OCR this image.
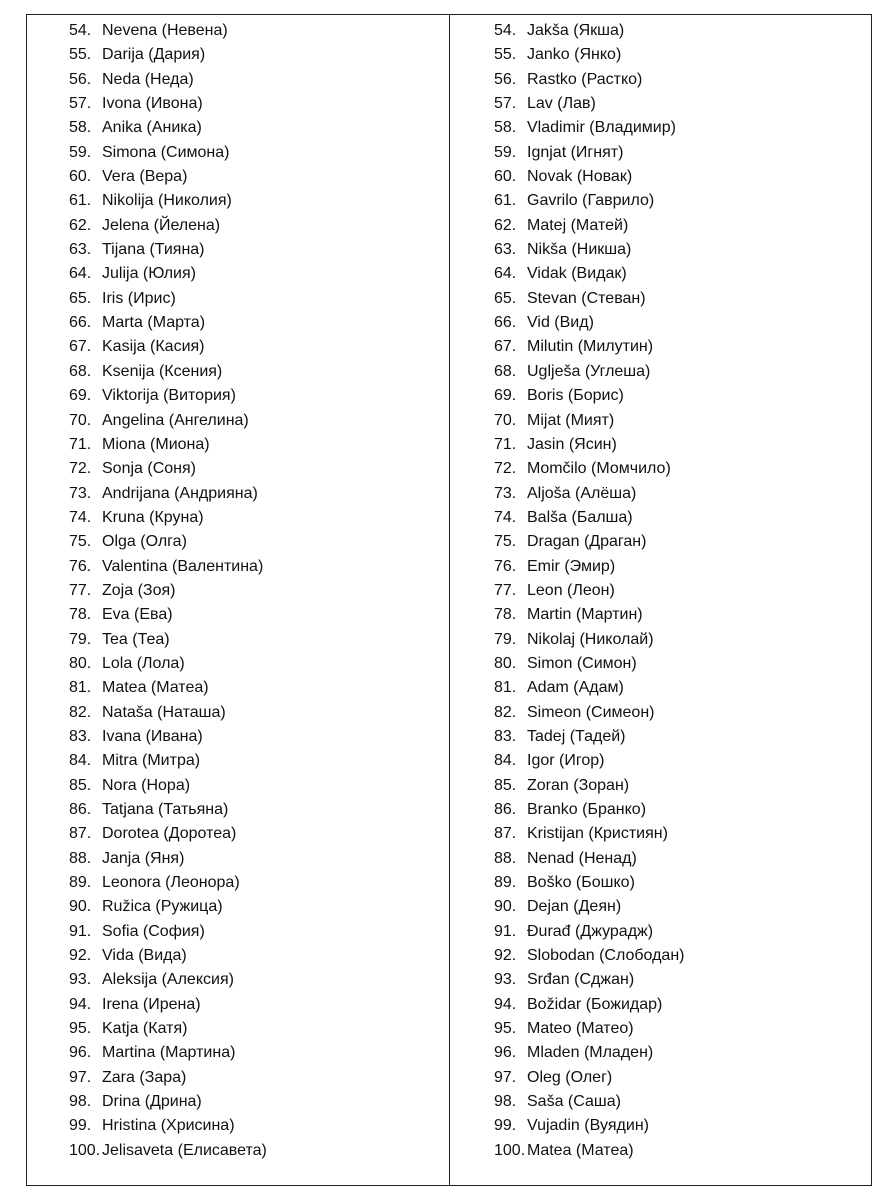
54. Nevena (Невена)
55. Darija (Дария)
56. Neda (Неда)
57. Ivona (Ивона)
58. Anika (Аника)
59. Simona (Симона)
60. Vera (Вера)
61. Nikolija (Николия)
62. Jelena (Йелена)
63. Tijana (Тияна)
64. Julija (Юлия)
65. Iris (Ирис)
66. Marta (Марта)
67. Kasija (Касия)
68. Ksenija (Ксения)
69. Viktorija (Витория)
70. Angelina (Ангелина)
71. Miona (Миона)
72. Sonja (Соня)
73. Andrijana (Андрияна)
74. Kruna (Круна)
75. Olga (Олга)
76. Valentina (Валентина)
77. Zoja (Зоя)
78. Eva (Ева)
79. Tea (Теа)
80. Lola (Лола)
81. Matea (Матеа)
82. Nataša (Наташа)
83. Ivana (Ивана)
84. Mitra (Митра)
85. Nora (Нора)
86. Tatjana (Татьяна)
87. Dorotea (Доротеа)
88. Janja (Яня)
89. Leonora (Леонора)
90. Ružica (Ружица)
91. Sofia (София)
92. Vida (Вида)
93. Aleksija (Алексия)
94. Irena (Ирена)
95. Katja (Катя)
96. Martina (Мартина)
97. Zara (Зара)
98. Drina (Дрина)
99. Hristina (Хрисина)
100. Jelisaveta (Елисавета)
54. Jakša (Якша)
55. Janko (Янко)
56. Rastko (Растко)
57. Lav (Лав)
58. Vladimir (Владимир)
59. Ignjat (Игнят)
60. Novak (Новак)
61. Gavrilo (Гаврило)
62. Matej (Матей)
63. Nikša (Никша)
64. Vidak (Видак)
65. Stevan (Стеван)
66. Vid (Вид)
67. Milutin (Милутин)
68. Uglješa (Углеша)
69. Boris (Борис)
70. Mijat (Мият)
71. Jasin (Ясин)
72. Momčilo (Момчило)
73. Aljoša (Алёша)
74. Balša (Балша)
75. Dragan (Драган)
76. Emir (Эмир)
77. Leon (Леон)
78. Martin (Мартин)
79. Nikolaj (Николай)
80. Simon (Симон)
81. Adam (Адам)
82. Simeon (Симеон)
83. Tadej (Тадей)
84. Igor (Игор)
85. Zoran (Зоран)
86. Branko (Бранко)
87. Kristijan (Кристиян)
88. Nenad (Ненад)
89. Boško (Бошко)
90. Dejan (Деян)
91. Đurađ (Джурадж)
92. Slobodan (Слободан)
93. Srđan (Сджан)
94. Božidar (Божидар)
95. Mateo (Матео)
96. Mladen (Младен)
97. Oleg (Олег)
98. Saša (Саша)
99. Vujadin (Вуядин)
100. Matea (Матеа)
